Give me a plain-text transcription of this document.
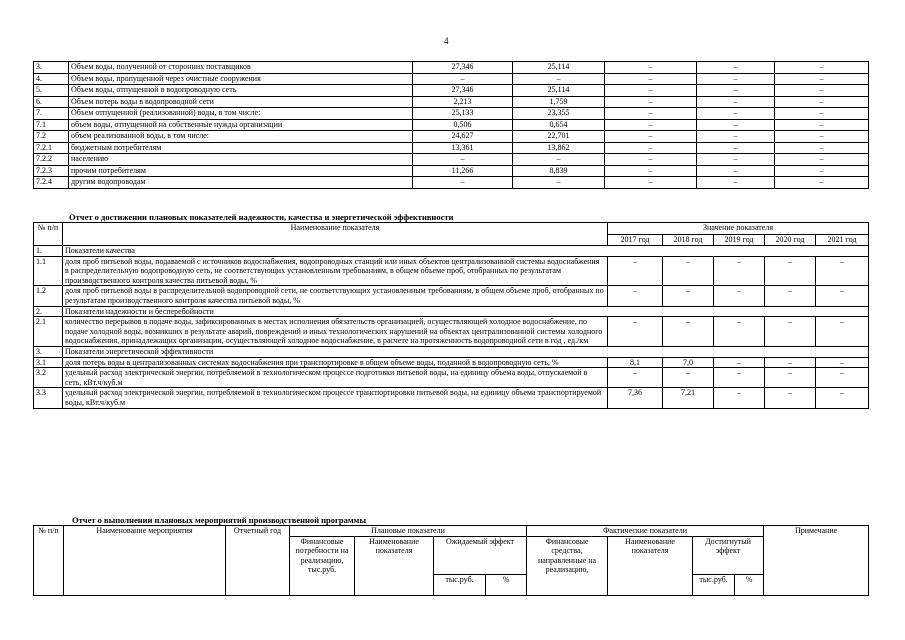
4
3.	Объем воды, полученной от сторонних поставщиков	27,346	25,114	–	–	–
4.	Объем воды, пропущенной через очистные сооружения	–	–	–	–	–
5.	Объем воды, отпущенной в водопроводную сеть	27,346	25,114	–	–	–
6.	Объем потерь воды в водопроводной сети	2,213	1,759	–	–	–
7.	Объем отпущенной (реализованной) воды, в том числе:	25,133	23,355	–	–	–
7.1	объем воды, отпущенной на собственные нужды организации	0,506	0,654	–	–	–
7.2	объем реализованной воды, в том числе:	24,627	22,701	–	–	–
7.2.1	бюджетным потребителям	13,361	13,862	–	–	–
7.2.2	населению	–	–	–	–	–
7.2.3	прочим потребителям	11,266	8,839	–	–	–
7.2.4	другим водопроводам	–	–	–	–	–
Отчет о достижении плановых показателей надежности, качества и энергетической эффективности
№ п/п	Наименование показателя	Значение показателя				
		2017 год	2018 год	2019 год	2020 год	2021 год
1.	Показатели качества					
1.1	доля проб питьевой воды, подаваемой с источников водоснабжения, водопроводных станций или иных объектов централизованной системы водоснабжения в распределительную водопроводную сеть, не соответствующих установленным требованиям, в общем объеме проб, отобранных по результатам производственного контроля качества питьевой воды, %	–	–	–	–	–
1.2	доля проб питьевой воды в распределительной водопроводной сети, не соответствующих установленным требованиям, в общем объеме проб, отобранных по результатам производственного контроля качества питьевой воды, %	–	–	–	–	–
2.	Показатели надежности и бесперебойности					
2.1	количество перерывов в подаче воды, зафиксированных в местах исполнения обязательств организацией, осуществляющей холодное водоснабжение, по подаче холодной воды, возникших в результате аварий, повреждений и иных технологических нарушений на объектах централизованной системы холодного водоснабжения, принадлежащих организации, осуществляющей холодное водоснабжение, в расчете на протяженность водопроводной сети в год , ед./км	–	–	–	–	–
3.	Показатели энергетической эффективности					
3.1	доля потерь воды в централизованных системах водоснабжения при транспортировке в общем объеме воды, поданной в водопроводную сеть, %	8,1	7,0	–	–	–
3.2	удельный расход электрической энергии, потребляемой в технологическом процессе подготовки питьевой воды, на единицу объема воды, отпускаемой в сеть, кВт.ч/куб.м	–	–	–	–	–
3.3	удельный расход электрической энергии, потребляемой в технологическом процессе транспортировки питьевой воды, на единицу объема транспортируемой воды, кВт.ч/куб.м	7,36	7,21	–	–	–
Отчет о выполнении плановых мероприятий производственной программы
№ п/п	Наименование мероприятия	Отчетный год	Плановые показатели				Фактические показатели				Примечание
			Финансовые потребности на реализацию, тыс.руб.	Наименование показателя	Ожидаемый эффект		Финансовые средства, направленные на реализацию,	Наименование показателя	Достигнутый эффект		
					тыс.руб.	%			тыс.руб.	%	
